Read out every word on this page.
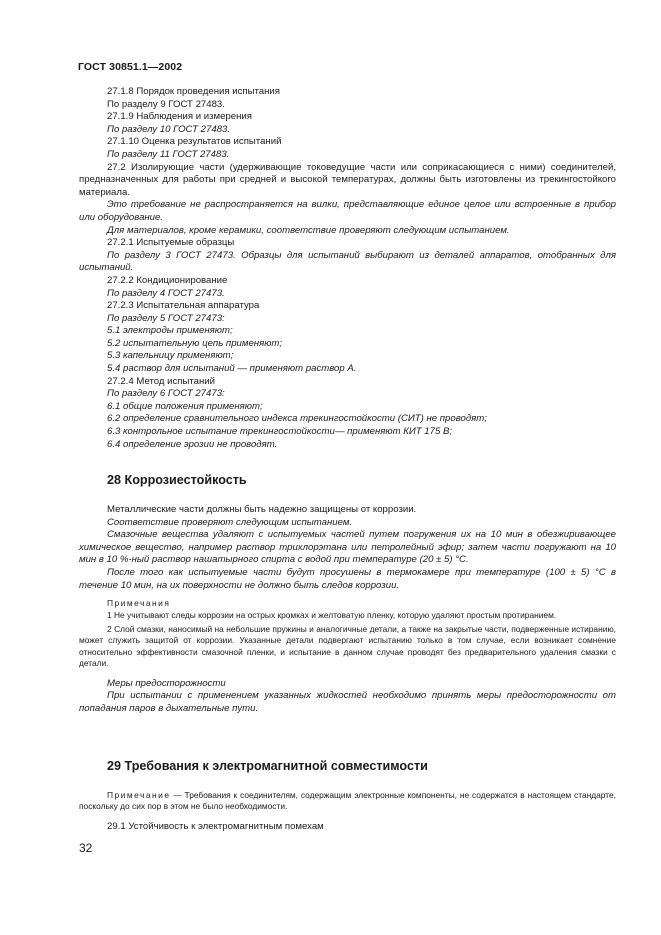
ГОСТ 30851.1—2002

27.1.8 Порядок проведения испытания

По разделу 9 ГОСТ 27483.

27.1.9 Наблюдения и измерения

По разделу 10 ГОСТ 27483.

27.1.10 Оценка результатов испытаний

По разделу 11 ГОСТ 27483.

27.2 Изолирующие части (удерживающие токоведущие части или соприкасающиеся с ними) соединителей, предназначенных для работы при средней и высокой температурах, должны быть изготовлены из трекингостойкого материала.

Это требование не распространяется на вилки, представляющие единое целое или встроенные в прибор или оборудование.

Для материалов, кроме керамики, соответствие проверяют следующим испытанием.

27.2.1 Испытуемые образцы

По разделу 3 ГОСТ 27473. Образцы для испытаний выбирают из деталей аппаратов, отобранных для испытаний.

27.2.2 Кондиционирование

По разделу 4 ГОСТ 27473.

27.2.3 Испытательная аппаратура

По разделу 5 ГОСТ 27473:

5.1 электроды применяют;

5.2 испытательную цепь применяют;

5.3 капельницу применяют;

5.4 раствор для испытаний — применяют раствор А.

27.2.4 Метод испытаний

По разделу 6 ГОСТ 27473:

6.1 общие положения применяют;

6.2 определение сравнительного индекса трекингостойкости (СИТ) не проводят;

6.3 контрольное испытание трекингостойкости— применяют КИТ 175 В;

6.4 определение эрозии не проводят.

28 Коррозиестойкость

Металлические части должны быть надежно защищены от коррозии.

Соответствие проверяют следующим испытанием.

Смазочные вещества удаляют с испытуемых частей путем погружения их на 10 мин в обезжиривающее химическое вещество, например раствор трихлорэтана или петролейный эфир; затем части погружают на 10 мин в 10 %-ный раствор нашатырного спирта с водой при температуре (20 ± 5) °C.

После того как испытуемые части будут просушены в термокамере при температуре (100 ± 5) °C в течение 10 мин, на их поверхности не должно быть следов коррозии.

Примечания

1 Не учитывают следы коррозии на острых кромках и желтоватую пленку, которую удаляют простым протиранием.

2 Слой смазки, наносимый на небольшие пружины и аналогичные детали, а также на закрытые части, подверженные истиранию, может служить защитой от коррозии. Указанные детали подвергают испытанию только в том случае, если возникает сомнение относительно эффективности смазочной пленки, и испытание в данном случае проводят без предварительного удаления смазки с детали.

Меры предосторожности

При испытании с применением указанных жидкостей необходимо принять меры предосторожности от попадания паров в дыхательные пути.

29 Требования к электромагнитной совместимости

Примечание — Требования к соединителям, содержащим электронные компоненты, не содержатся в настоящем стандарте, поскольку до сих пор в этом не было необходимости.

29.1 Устойчивость к электромагнитным помехам

32
